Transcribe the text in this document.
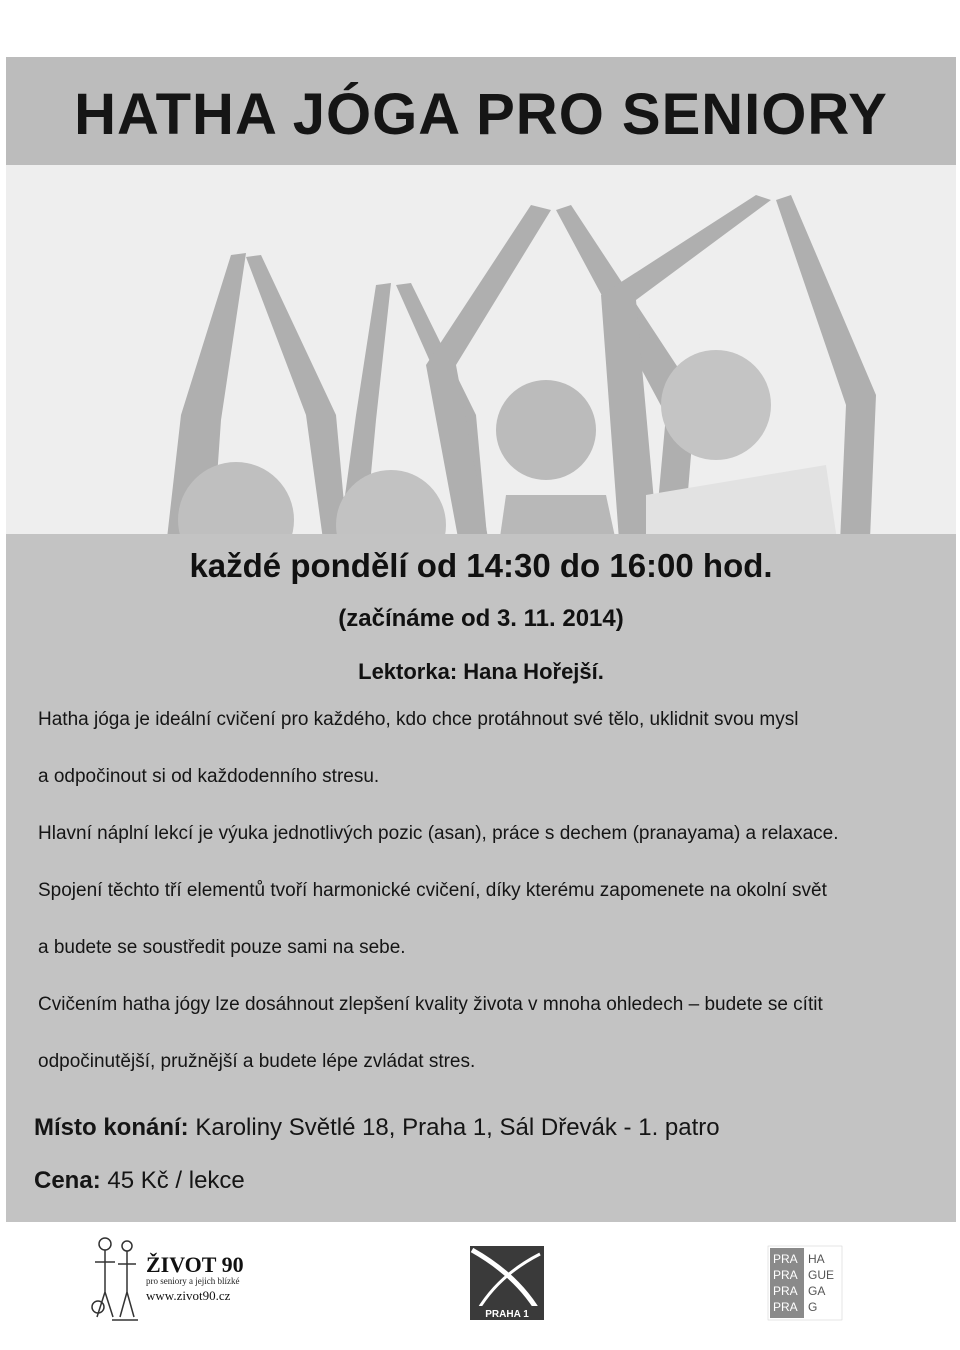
HATHA JÓGA PRO SENIORY

každé pondělí od 14:30 do 16:00 hod.

(začínáme od 3. 11. 2014)

Lektorka: Hana Hořejší.

Hatha jóga je ideální cvičení pro každého, kdo chce protáhnout své tělo, uklidnit svou mysl

a odpočinout si od každodenního stresu.

Hlavní náplní lekcí je výuka jednotlivých pozic (asan), práce s dechem (pranayama) a relaxace.

Spojení těchto tří elementů tvoří harmonické cvičení, díky kterému zapomenete na okolní svět

a budete se soustředit pouze sami na sebe.

Cvičením hatha jógy lze dosáhnout zlepšení kvality života v mnoha ohledech – budete se cítit

odpočinutější, pružnější a budete lépe zvládat stres.

Místo konání: Karoliny Světlé 18, Praha 1, Sál Dřevák - 1. patro

Cena: 45 Kč / lekce

ŽIVOT 90
pro seniory a jejich blízké
www.zivot90.cz
PRAHA 1
PRA
PRA
PRA
PRA
HA
GUE
GA
G
